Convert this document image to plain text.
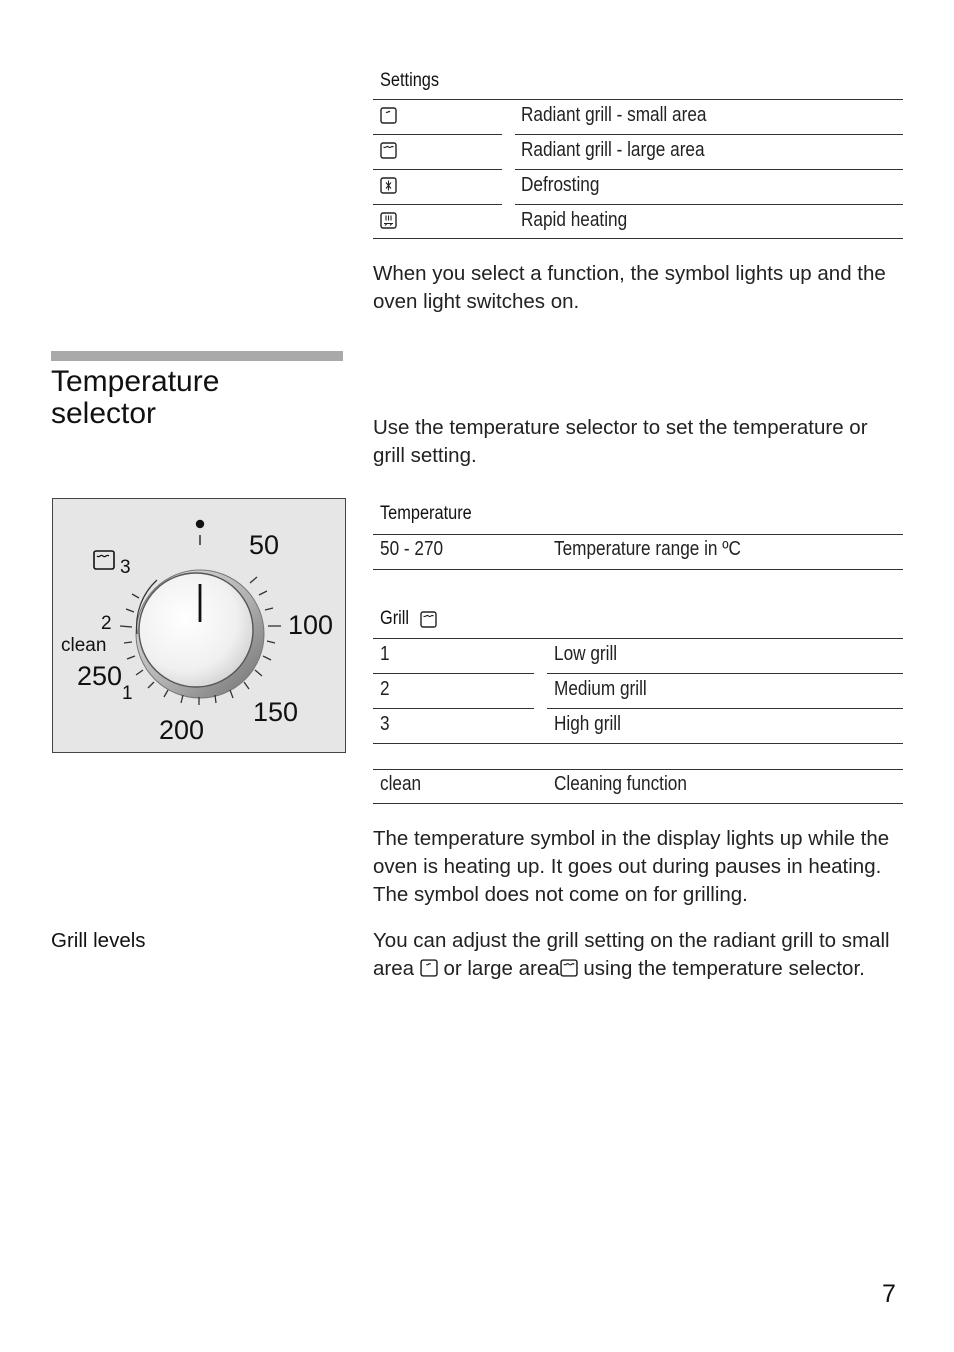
Settings
Radiant grill - small area
Radiant grill - large area
Defrosting
Rapid heating
When you select a function, the symbol lights up and the oven light switches on.
Temperature
selector	Use the temperature selector to set the temperature or grill setting.
50
100
150
200
250
clean
1
2
3
Temperature
50 - 270	Temperature range in ºC
Grill
1	Low grill
2	Medium grill
3	High grill
clean	Cleaning function
The temperature symbol in the display lights up while the oven is heating up. It goes out during pauses in heating. The symbol does not come on for grilling.
Grill levels	You can adjust the grill setting on the radiant grill to small area or large area using the temperature selector.
7
